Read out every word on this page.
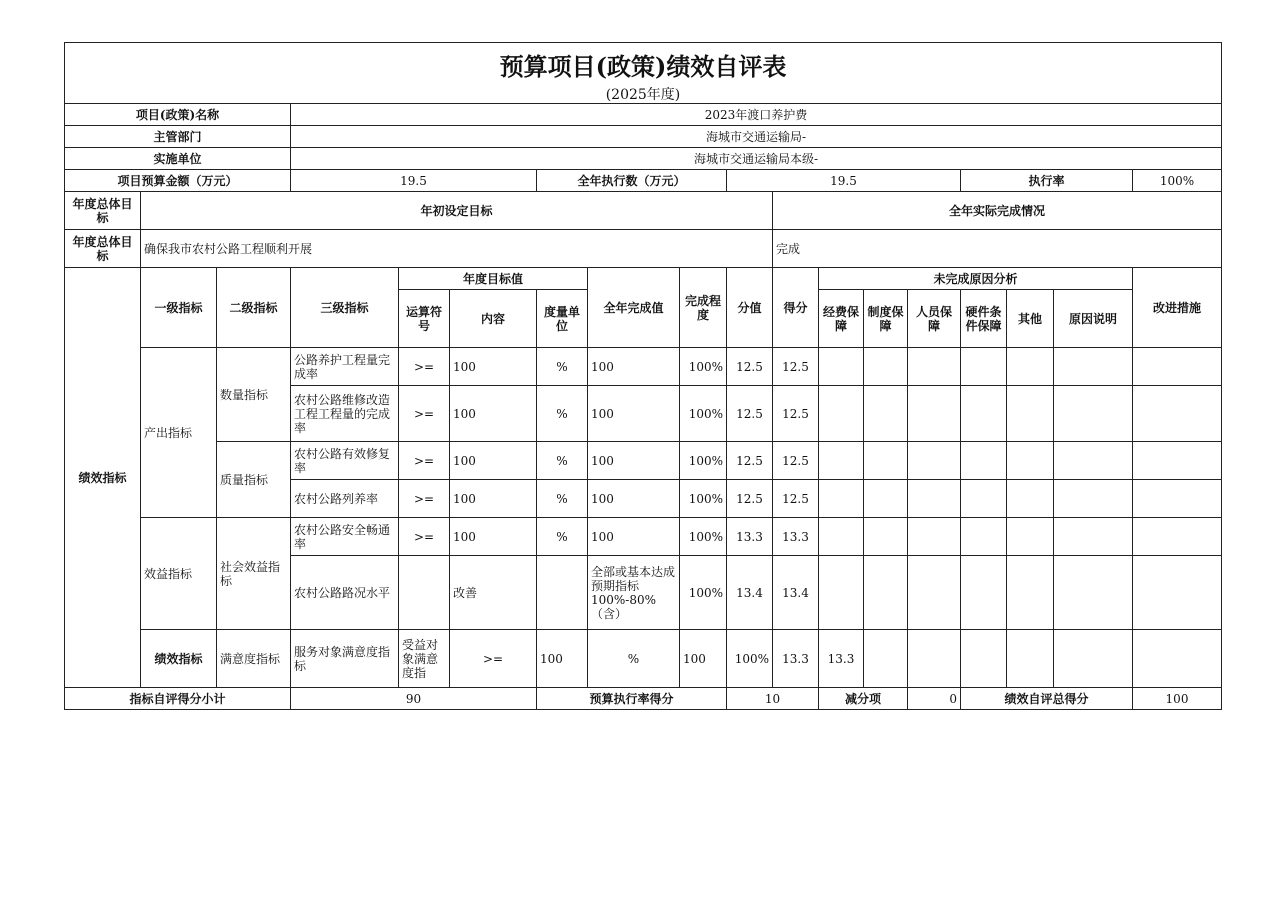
预算项目(政策)绩效自评表																		

(2025年度)																		

项目(政策)名称			2023年渡口养护费															
主管部门			海城市交通运输局-															
实施单位			海城市交通运输局本级-															
项目预算金额（万元）			19.5			全年执行数（万元）			19.5					执行率			100%	
年度总体目标	年初设定目标									全年实际完成情况								
年度总体目标	确保我市农村公路工程顺利开展									完成								
绩效指标	一级指标	二级指标	三级指标	年度目标值			全年完成值	完成程度	分值	得分	未完成原因分析						改进措施	
				运算符号	内容	度量单位					经费保障	制度保障	人员保障	硬件条件保障	其他	原因说明		
	产出指标	数量指标	公路养护工程量完成率	>=	100	%	100	100%	12.5	12.5								
			农村公路维修改造工程工程量的完成率	>=	100	%	100	100%	12.5	12.5								
		质量指标	农村公路有效修复率	>=	100	%	100	100%	12.5	12.5								
			农村公路列养率	>=	100	%	100	100%	12.5	12.5								
	效益指标	社会效益指标	农村公路安全畅通率	>=	100	%	100	100%	13.3	13.3								
			农村公路路况水平		改善		全部或基本达成预期指标100%-80%（含）	100%	13.4	13.4								
	绩效指标	满意度指标	服务对象满意度指标	受益对象满意度指	>=	100	%	100	100%	13.3	13.3							
指标自评得分小计			90			预算执行率得分			10		减分项		0	绩效自评总得分			100	
